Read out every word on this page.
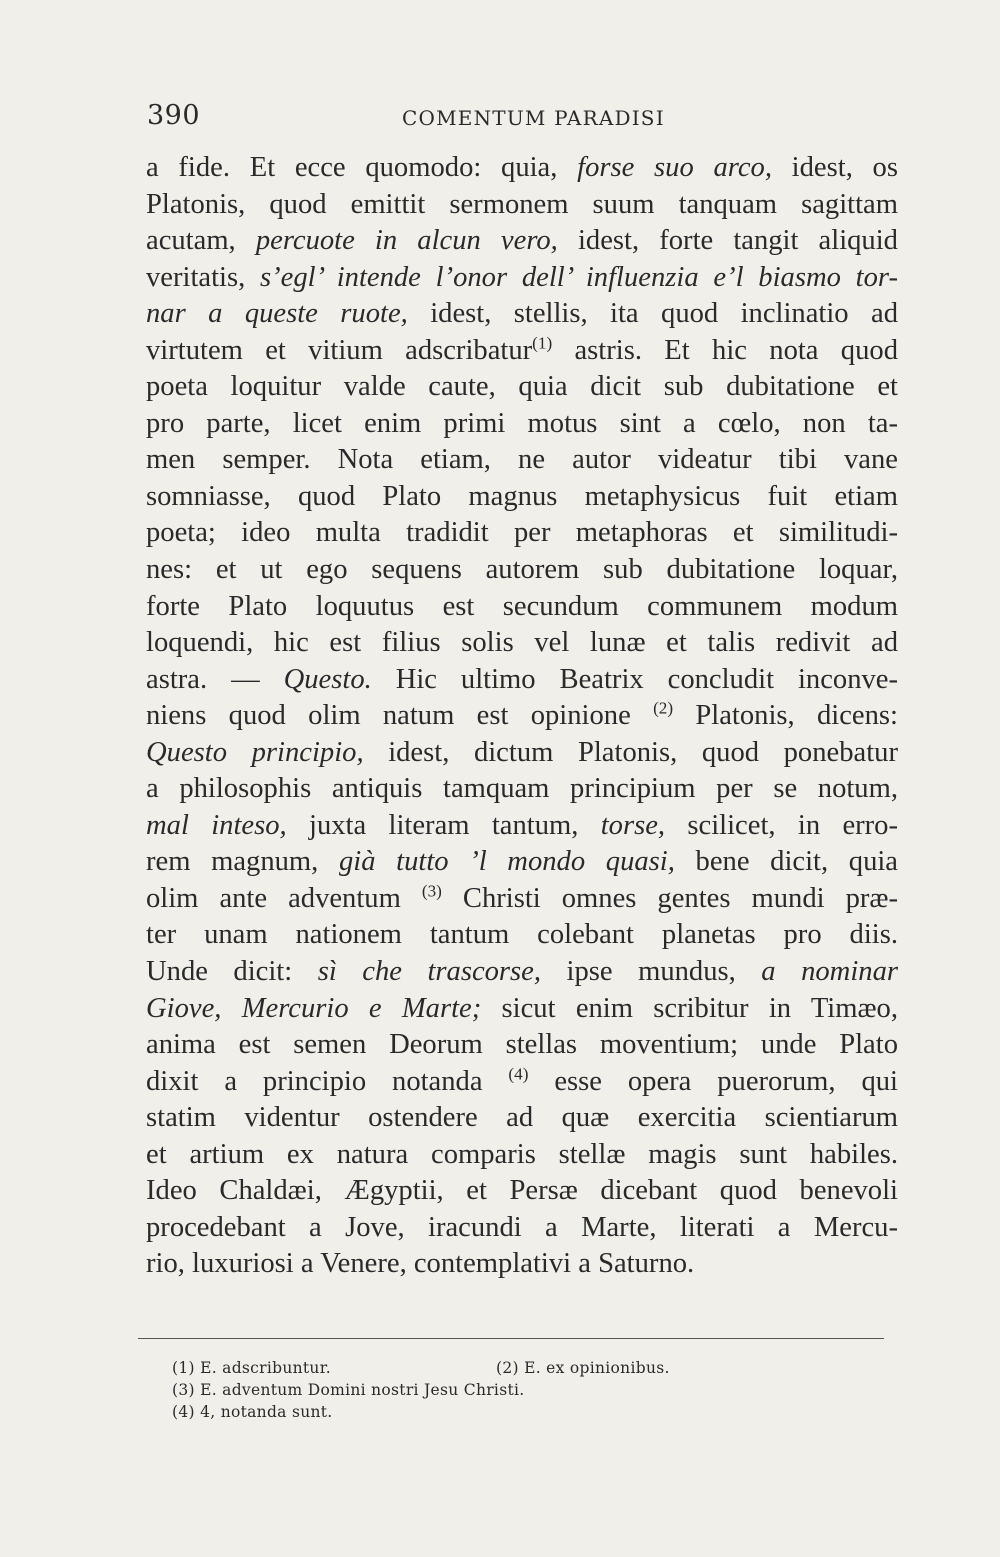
390	COMENTUM PARADISI
a fide. Et ecce quomodo: quia, forse suo arco, idest, os
Platonis, quod emittit sermonem suum tanquam sagittam
acutam, percuote in alcun vero, idest, forte tangit aliquid
veritatis, s’egl’ intende l’onor dell’ influenzia e’l biasmo tor-
nar a queste ruote, idest, stellis, ita quod inclinatio ad
virtutem et vitium adscribatur$^{(1)}$ astris. Et hic nota quod
poeta loquitur valde caute, quia dicit sub dubitatione et
pro parte, licet enim primi motus sint a cœlo, non ta-
men semper. Nota etiam, ne autor videatur tibi vane
somniasse, quod Plato magnus metaphysicus fuit etiam
poeta; ideo multa tradidit per metaphoras et similitudi-
nes: et ut ego sequens autorem sub dubitatione loquar,
forte Plato loquutus est secundum communem modum
loquendi, hic est filius solis vel lunæ et talis redivit ad
astra. — Questo. Hic ultimo Beatrix concludit inconve-
niens quod olim natum est opinione $^{(2)}$ Platonis, dicens:
Questo principio, idest, dictum Platonis, quod ponebatur
a philosophis antiquis tamquam principium per se notum,
mal inteso, juxta literam tantum, torse, scilicet, in erro-
rem magnum, già tutto ’l mondo quasi, bene dicit, quia
olim ante adventum $^{(3)}$ Christi omnes gentes mundi præ-
ter unam nationem tantum colebant planetas pro diis.
Unde dicit: sì che trascorse, ipse mundus, a nominar
Giove, Mercurio e Marte; sicut enim scribitur in Timæo,
anima est semen Deorum stellas moventium; unde Plato
dixit a principio notanda $^{(4)}$ esse opera puerorum, qui
statim videntur ostendere ad quæ exercitia scientiarum
et artium ex natura comparis stellæ magis sunt habiles.
Ideo Chaldæi, Ægyptii, et Persæ dicebant quod benevoli
procedebant a Jove, iracundi a Marte, literati a Mercu-
rio, luxuriosi a Venere, contemplativi a Saturno.
(1) E. adscribuntur.	(2) E. ex opinionibus.
(3) E. adventum Domini nostri Jesu Christi.
(4) 4, notanda sunt.
